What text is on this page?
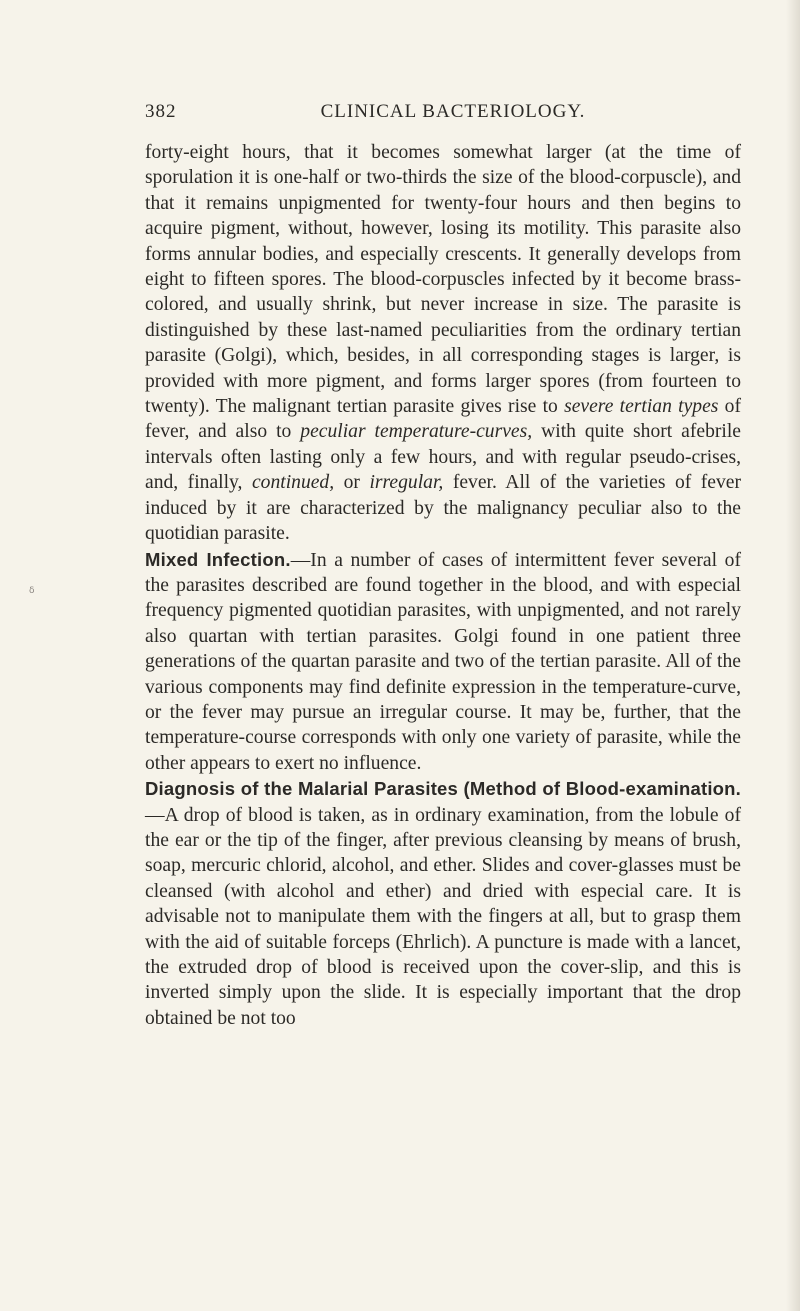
382	CLINICAL BACTERIOLOGY.
ẟ

forty-eight hours, that it becomes somewhat larger (at the time of sporulation it is one-half or two-thirds the size of the blood-corpuscle), and that it remains unpigmented for twenty-four hours and then begins to acquire pigment, without, however, losing its motility. This parasite also forms annular bodies, and especially crescents. It generally develops from eight to fifteen spores. The blood-corpuscles infected by it become brass-colored, and usually shrink, but never increase in size. The parasite is distinguished by these last-named peculiarities from the ordinary tertian parasite (Golgi), which, besides, in all corresponding stages is larger, is provided with more pigment, and forms larger spores (from fourteen to twenty). The malignant tertian parasite gives rise to severe tertian types of fever, and also to peculiar temperature-curves, with quite short afebrile intervals often lasting only a few hours, and with regular pseudo-crises, and, finally, continued, or irregular, fever. All of the varieties of fever induced by it are characterized by the malignancy peculiar also to the quotidian parasite.

Mixed Infection.—In a number of cases of intermittent fever several of the parasites described are found together in the blood, and with especial frequency pigmented quotidian parasites, with unpigmented, and not rarely also quartan with tertian parasites. Golgi found in one patient three generations of the quartan parasite and two of the tertian parasite. All of the various components may find definite expression in the temperature-curve, or the fever may pursue an irregular course. It may be, further, that the temperature-course corresponds with only one variety of parasite, while the other appears to exert no influence.

Diagnosis of the Malarial Parasites (Method of Blood-examination.—A drop of blood is taken, as in ordinary examination, from the lobule of the ear or the tip of the finger, after previous cleansing by means of brush, soap, mercuric chlorid, alcohol, and ether. Slides and cover-glasses must be cleansed (with alcohol and ether) and dried with especial care. It is advisable not to manipulate them with the fingers at all, but to grasp them with the aid of suitable forceps (Ehrlich). A puncture is made with a lancet, the extruded drop of blood is received upon the cover-slip, and this is inverted simply upon the slide. It is especially important that the drop obtained be not too
